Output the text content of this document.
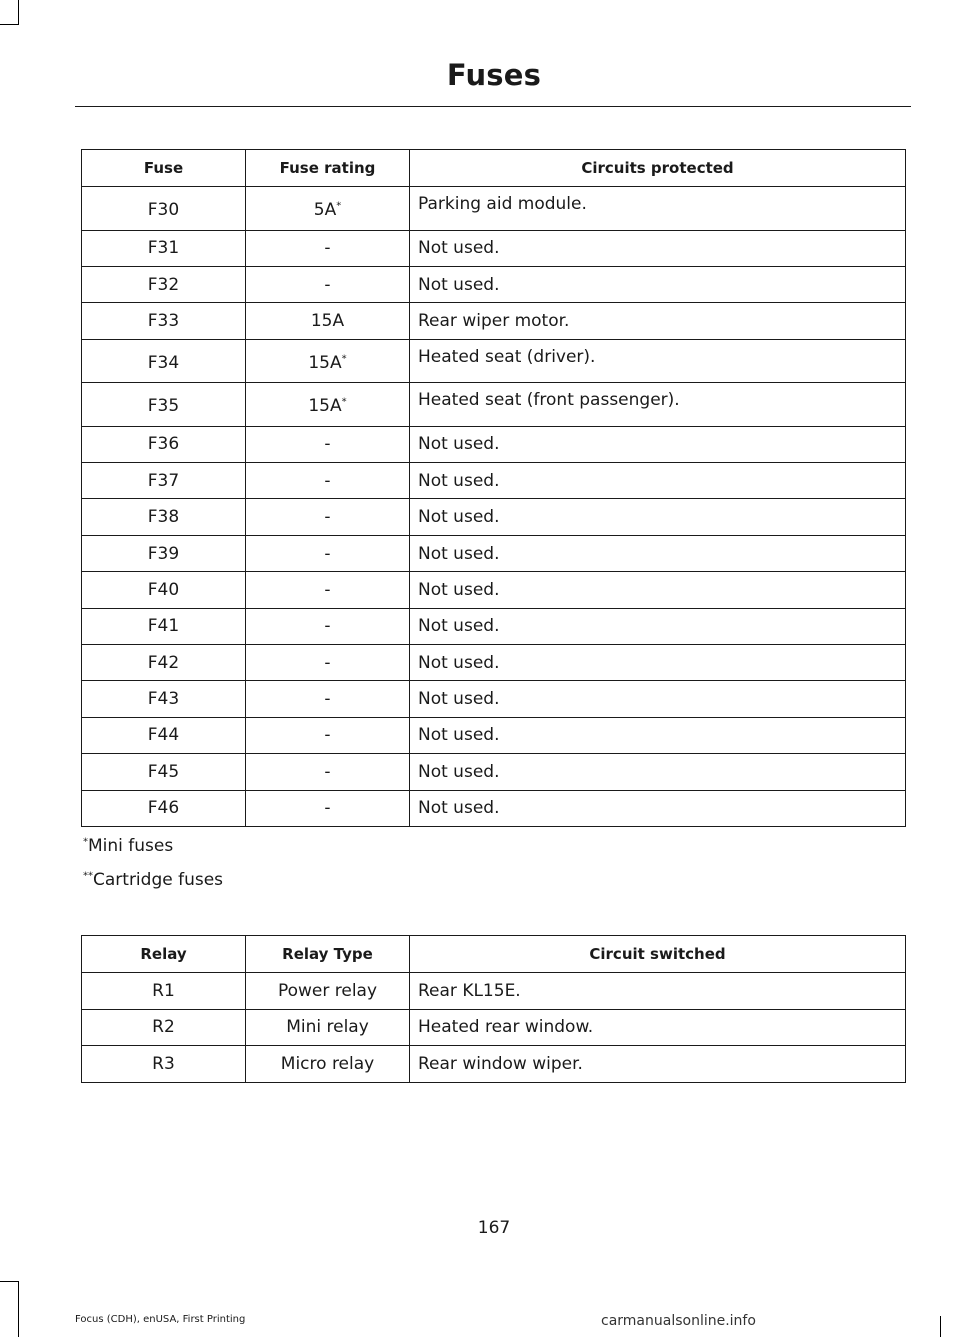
Fuses
Fuse	Fuse rating	Circuits protected
F30	5A*	Parking aid module.
F31	-	Not used.
F32	-	Not used.
F33	15A	Rear wiper motor.
F34	15A*	Heated seat (driver).
F35	15A*	Heated seat (front passenger).
F36	-	Not used.
F37	-	Not used.
F38	-	Not used.
F39	-	Not used.
F40	-	Not used.
F41	-	Not used.
F42	-	Not used.
F43	-	Not used.
F44	-	Not used.
F45	-	Not used.
F46	-	Not used.
*Mini fuses
**Cartridge fuses
Relay	Relay Type	Circuit switched
R1	Power relay	Rear KL15E.
R2	Mini relay	Heated rear window.
R3	Micro relay	Rear window wiper.
167
Focus (CDH), enUSA, First Printing	carmanualsonline.info
